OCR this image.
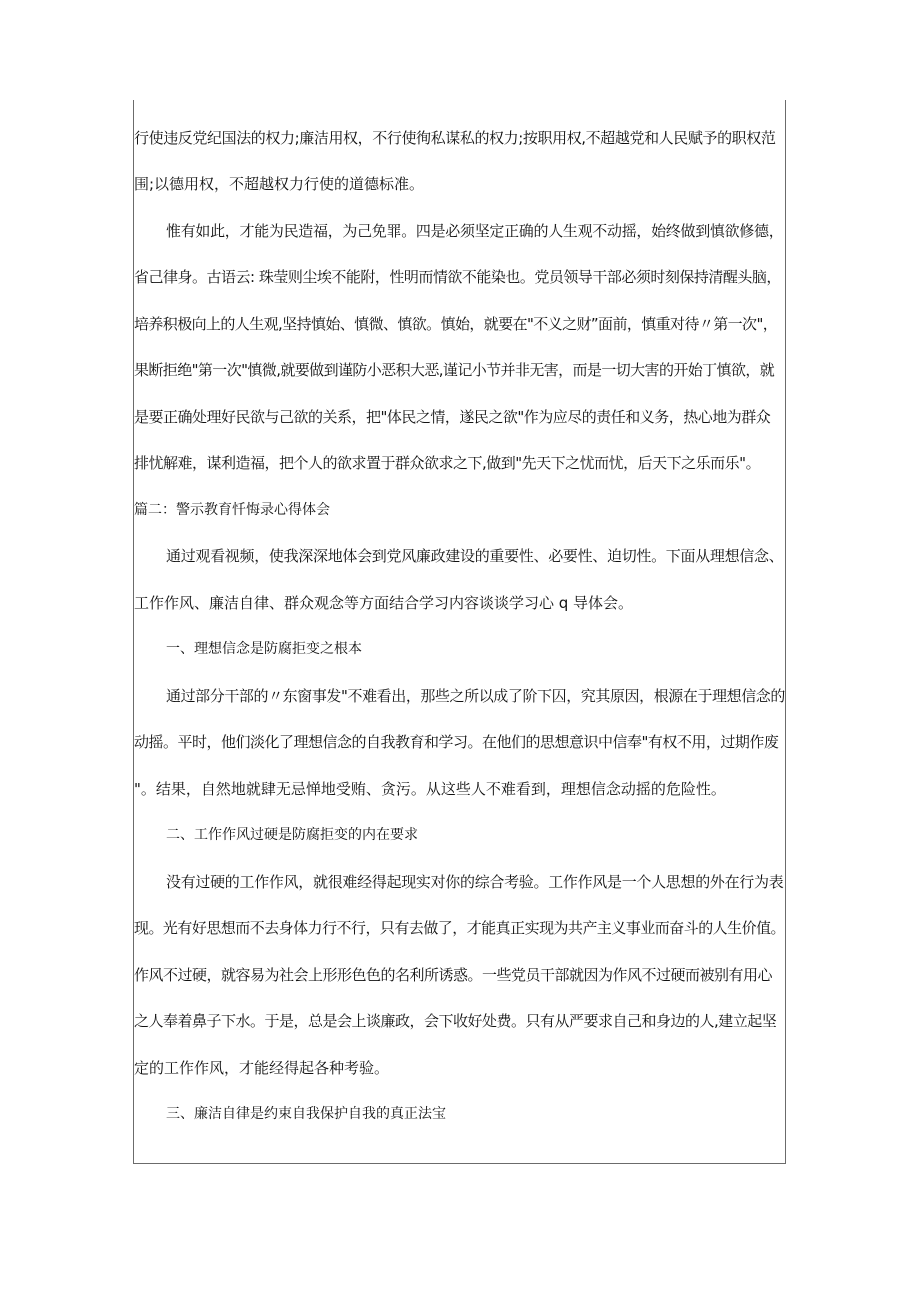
行使违反党纪国法的权力;廉洁用权，不行使徇私谋私的权力;按职用权,不超越党和人民赋予的职权范
围;以德用权，不超越权力行使的道德标准。
惟有如此，才能为民造福，为己免罪。四是必须坚定正确的人生观不动摇，始终做到慎欲修德，
省己律身。古语云: 珠莹则尘埃不能附，性明而情欲不能染也。党员领导干部必须时刻保持清醒头脑，
培养积极向上的人生观,坚持慎始、慎微、慎欲。慎始，就要在"不义之财”面前，慎重对待〃第一次"，
果断拒绝"第一次"慎微,就要做到谨防小恶积大恶,谨记小节并非无害，而是一切大害的开始丁慎欲，就
是要正确处理好民欲与己欲的关系，把"体民之情，遂民之欲"作为应尽的责任和义务，热心地为群众
排忧解难，谋利造福，把个人的欲求置于群众欲求之下,做到"先天下之忧而忧，后天下之乐而乐"。
篇二：警示教育忏悔录心得体会
通过观看视频，使我深深地体会到党风廉政建设的重要性、必要性、迫切性。下面从理想信念、
工作作风、廉洁自律、群众观念等方面结合学习内容谈谈学习心 q 导体会。
一、理想信念是防腐拒变之根本
通过部分干部的〃东窗事发"不难看出，那些之所以成了阶下囚，究其原因，根源在于理想信念的
动摇。平时，他们淡化了理想信念的自我教育和学习。在他们的思想意识中信奉"有权不用，过期作废
"。结果，自然地就肆无忌惮地受贿、贪污。从这些人不难看到，理想信念动摇的危险性。
二、工作作风过硬是防腐拒变的内在要求
没有过硬的工作作风，就很难经得起现实对你的综合考验。工作作风是一个人思想的外在行为表
现。光有好思想而不去身体力行不行，只有去做了，才能真正实现为共产主义事业而奋斗的人生价值。
作风不过硬，就容易为社会上形形色色的名利所诱惑。一些党员干部就因为作风不过硬而被别有用心
之人奉着鼻子下水。于是，总是会上谈廉政，会下收好处费。只有从严要求自己和身边的人,建立起坚
定的工作作风，才能经得起各种考验。
三、廉洁自律是约束自我保护自我的真正法宝
